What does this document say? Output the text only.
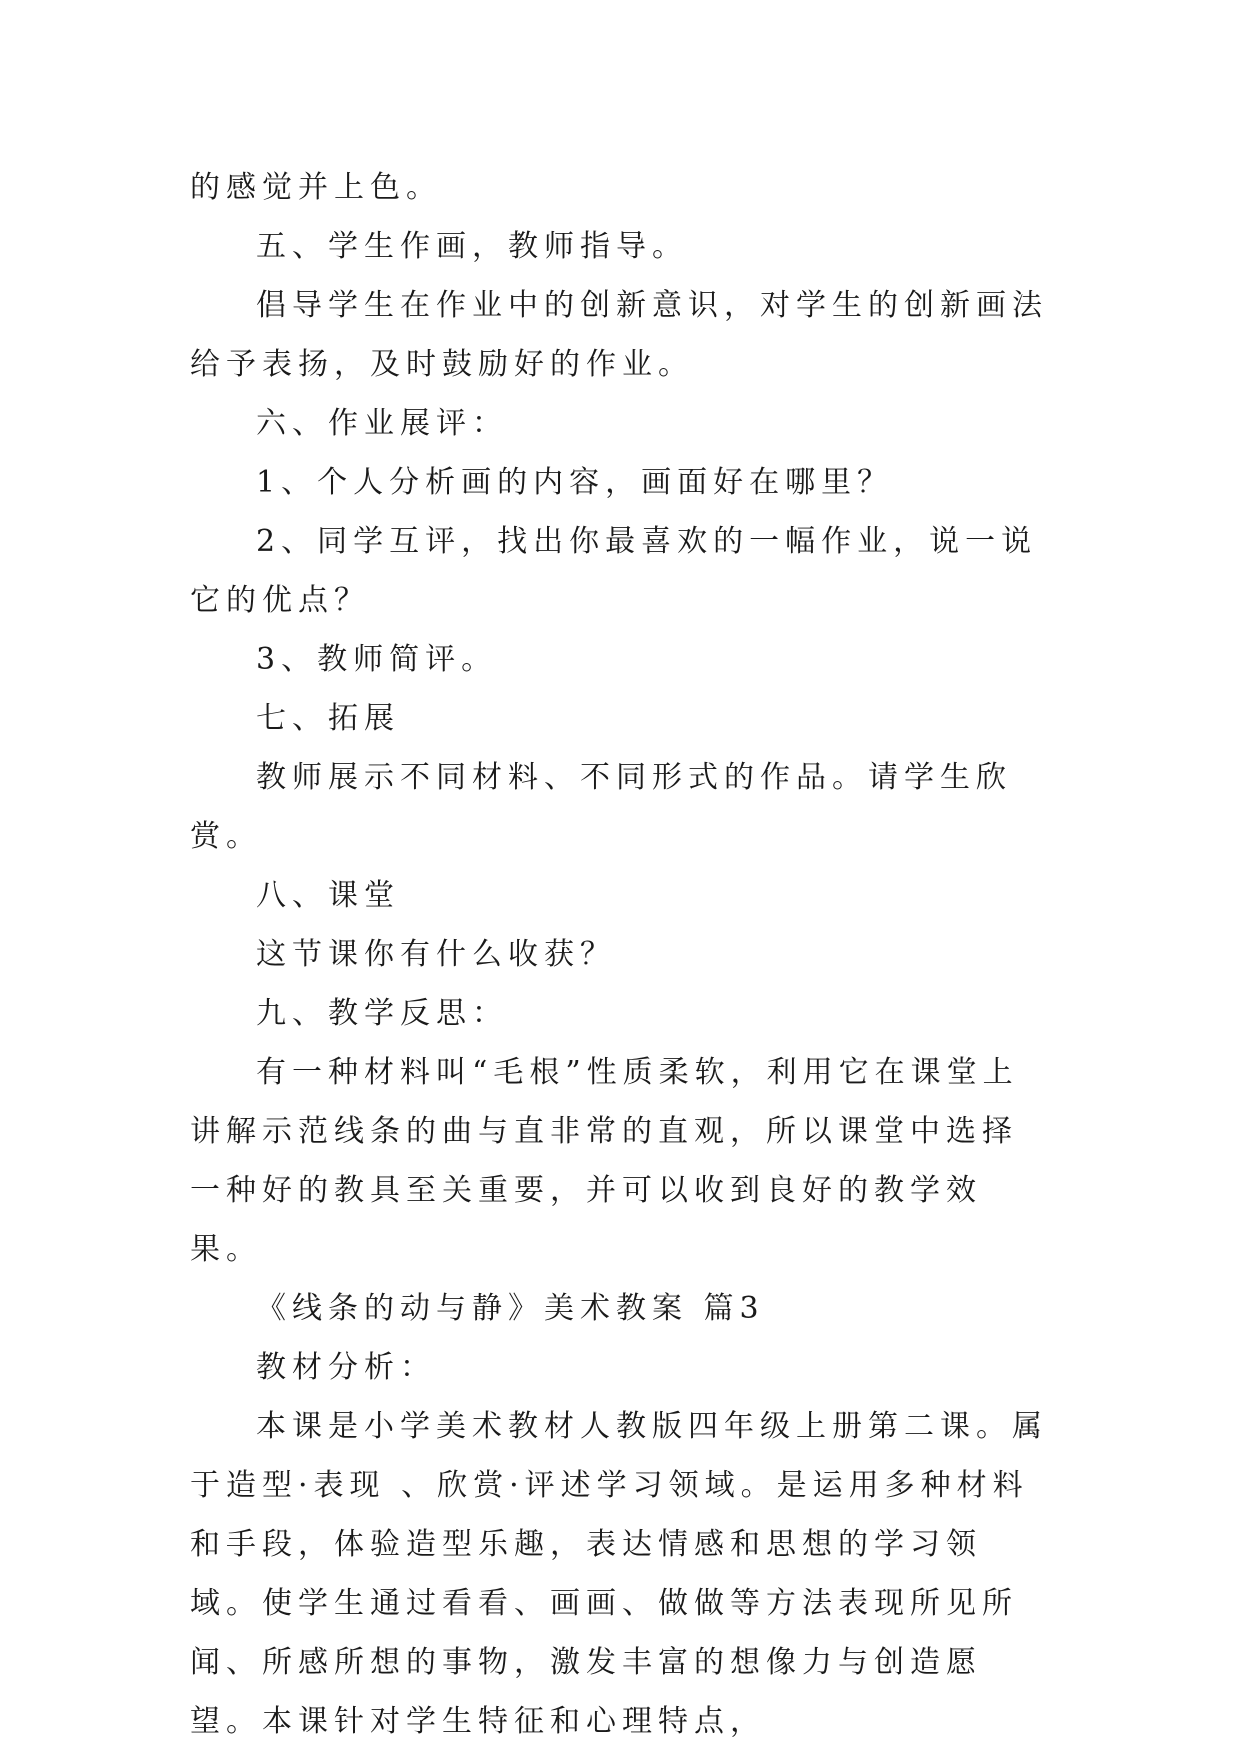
的感觉并上色。

五、学生作画，教师指导。

倡导学生在作业中的创新意识，对学生的创新画法给予表扬，及时鼓励好的作业。

六、作业展评：

1、个人分析画的内容，画面好在哪里？

2、同学互评，找出你最喜欢的一幅作业，说一说它的优点？

3、教师简评。

七、拓展

教师展示不同材料、不同形式的作品。请学生欣赏。

八、课堂

这节课你有什么收获？

九、教学反思：

有一种材料叫“毛根”性质柔软，利用它在课堂上讲解示范线条的曲与直非常的直观，所以课堂中选择一种好的教具至关重要，并可以收到良好的教学效果。

《线条的动与静》美术教案 篇3

教材分析：

本课是小学美术教材人教版四年级上册第二课。属于造型·表现 、欣赏·评述学习领域。是运用多种材料和手段，体验造型乐趣，表达情感和思想的学习领域。使学生通过看看、画画、做做等方法表现所见所闻、所感所想的事物，激发丰富的想像力与创造愿望。本课针对学生特征和心理特点，
